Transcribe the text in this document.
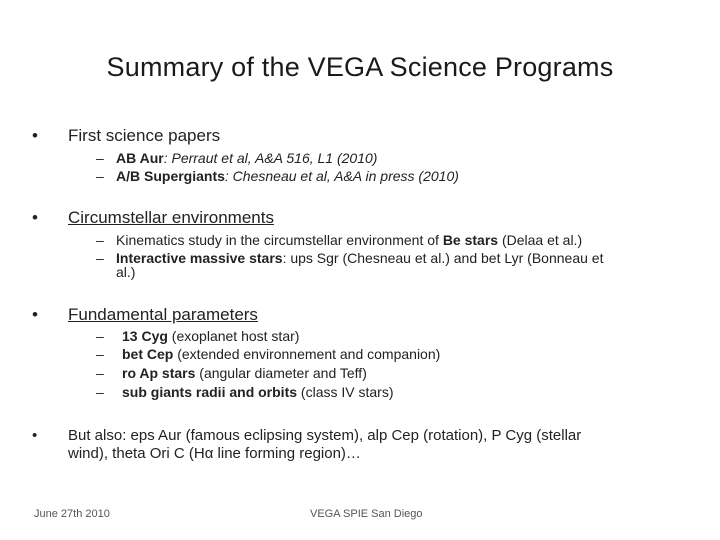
Summary of the VEGA Science Programs
• First science papers
– AB Aur: Perraut et al, A&A 516, L1 (2010)
– A/B Supergiants: Chesneau et al, A&A in press (2010)
• Circumstellar environments
– Kinematics study in the circumstellar environment of Be stars (Delaa et al.)
– Interactive massive stars: ups Sgr (Chesneau et al.) and bet Lyr (Bonneau et
al.)
• Fundamental parameters
– 13 Cyg (exoplanet host star)
– bet Cep (extended environnement and companion)
– ro Ap stars (angular diameter and Teff)
– sub giants radii and orbits (class IV stars)
• But also: eps Aur (famous eclipsing system), alp Cep (rotation), P Cyg (stellar
wind), theta Ori C (Hα line forming region)…
June 27th 2010	VEGA SPIE San Diego
